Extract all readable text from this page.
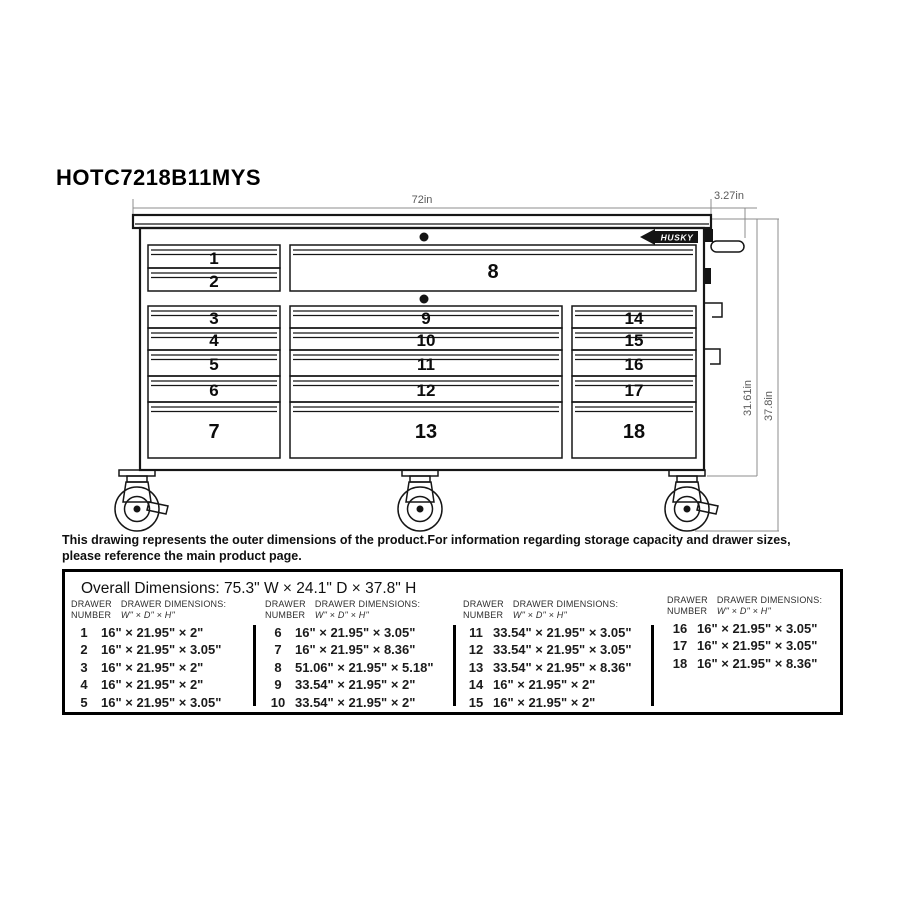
HOTC7218B11MYS
72in	3.27in
31.61in 37.8in
HUSKY
1
2	8
3
4
5
6
7
9
10
11
12
13
14
15
16
17
18
This drawing represents the outer dimensions of the product.For information regarding storage capacity and drawer sizes,
please reference the main product page.
Overall Dimensions: 75.3" W × 24.1" D × 37.8" H
DRAWER
NUMBER
DRAWER DIMENSIONS:
W" × D" × H"
1	16" × 21.95" × 2"
2	16" × 21.95" × 3.05"
3	16" × 21.95" × 2"
4	16" × 21.95" × 2"
5	16" × 21.95" × 3.05"
DRAWER
NUMBER
DRAWER DIMENSIONS:
W" × D" × H"
6	16" × 21.95" × 3.05"
7	16" × 21.95" × 8.36"
8	51.06" × 21.95" × 5.18"
9	33.54" × 21.95" × 2"
10 33.54" × 21.95" × 2"
DRAWER
NUMBER
DRAWER DIMENSIONS:
W" × D" × H"
11 33.54" × 21.95" × 3.05"
12 33.54" × 21.95" × 3.05"
13 33.54" × 21.95" × 8.36"
14 16" × 21.95" × 2"
15 16" × 21.95" × 2"
DRAWER
NUMBER
DRAWER DIMENSIONS:
W" × D" × H"
16 16" × 21.95" × 3.05"
17 16" × 21.95" × 3.05"
18 16" × 21.95" × 8.36"
